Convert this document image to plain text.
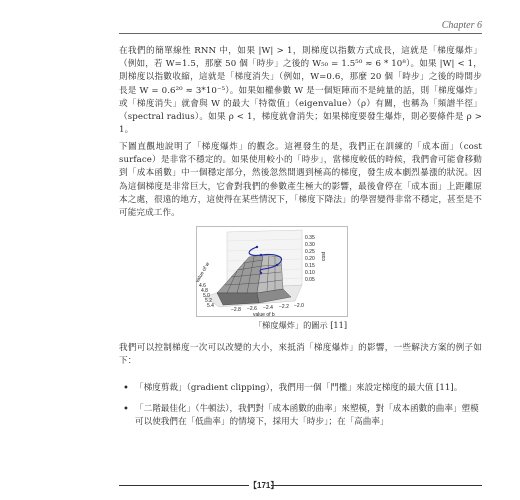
Chapter 6

在我們的簡單線性 RNN 中，如果 |W| > 1，則梯度以指數方式成長，這就是「梯度爆炸」（例如，若 W=1.5，那麼 50 個「時步」之後的 W₅₀ = 1.5⁵⁰ ≈ 6 * 10⁸）。如果 |W| < 1，則梯度以指數收縮，這就是「梯度消失」（例如，W=0.6，那麼 20 個「時步」之後的時間步長是 W = 0.6²⁰ ≈ 3*10⁻⁵）。如果如權參數 W 是一個矩陣而不是純量的話，則「梯度爆炸」或「梯度消失」就會與 W 的最大「特徵值」（eigenvalue）（ρ）有關，也稱為「頻譜半徑」（spectral radius）。如果 ρ < 1，梯度就會消失；如果梯度要發生爆炸，則必要條件是 ρ > 1。

下圖直觀地說明了「梯度爆炸」的觀念。這裡發生的是，我們正在訓練的「成本面」（cost surface）是非常不穩定的。如果使用較小的「時步」，當梯度較低的時候，我們會可能會移動到「成本函數」中一個穩定部分，然後忽然間遇到極高的梯度，發生成本劇烈暴漲的狀況。因為這個梯度是非常巨大，它會對我們的參數產生極大的影響，最後會停在「成本面」上距離原本之處，很遠的地方，這使得在某些情況下，「梯度下降法」的學習變得非常不穩定，甚至是不可能完成工作。

0.35
0.30
0.25
0.20
0.15
0.10
0.05
cost
−2.8 −2.6 −2.4 −2.2 −2.0
value of b
4.6
4.8
5.0
5.2
5.4
value of w
「梯度爆炸」的圖示 [11]

我們可以控制梯度一次可以改變的大小，來抵消「梯度爆炸」的影響，一些解決方案的例子如下：

• 「梯度剪裁」（gradient clipping），我們用一個「門檻」來設定梯度的最大值 [11]。
• 「二階最佳化」（牛頓法），我們對「成本函數的曲率」來塑模，對「成本函數的曲率」塑模可以使我們在「低曲率」的情境下，採用大「時步」；在「高曲率」
【171】
